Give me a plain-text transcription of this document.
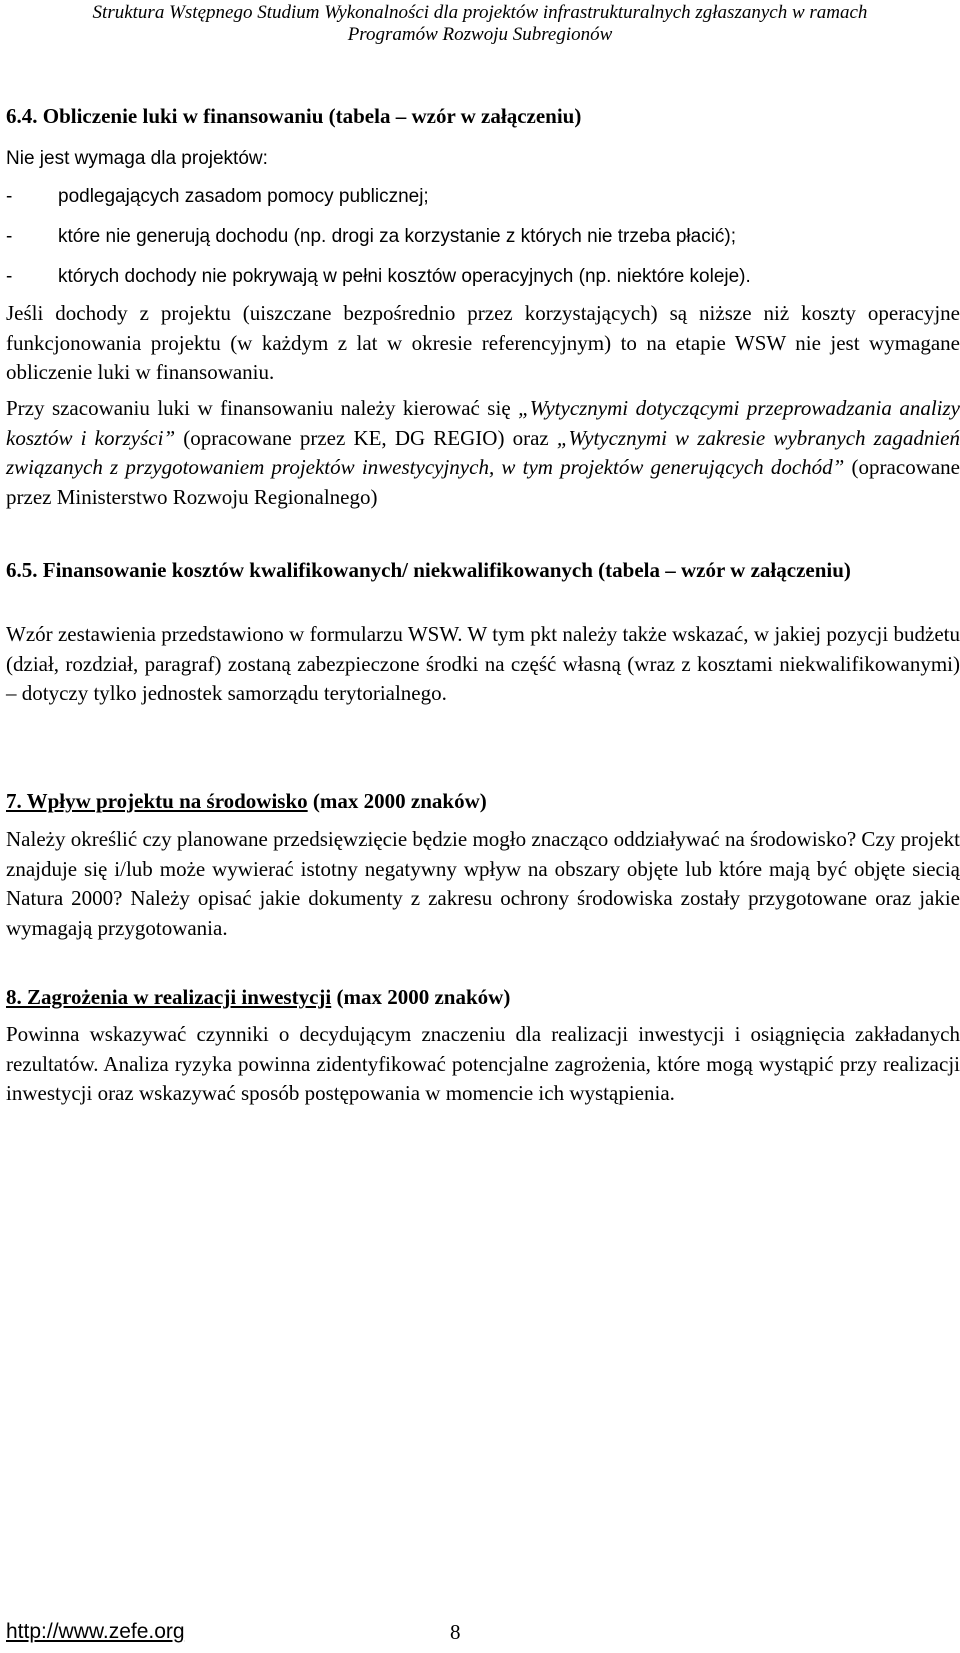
Struktura Wstępnego Studium Wykonalności dla projektów infrastrukturalnych zgłaszanych w ramach
Programów Rozwoju Subregionów
6.4. Obliczenie luki w finansowaniu (tabela – wzór w załączeniu)
Nie jest wymaga dla projektów:
- podlegających zasadom pomocy publicznej;
- które nie generują dochodu (np. drogi za korzystanie z których nie trzeba płacić);
- których dochody nie pokrywają w pełni kosztów operacyjnych (np. niektóre koleje).
Jeśli dochody z projektu (uiszczane bezpośrednio przez korzystających) są niższe niż koszty operacyjne funkcjonowania projektu (w każdym z lat w okresie referencyjnym) to na etapie WSW nie jest wymagane obliczenie luki w finansowaniu.
Przy szacowaniu luki w finansowaniu należy kierować się „Wytycznymi dotyczącymi przeprowadzania analizy kosztów i korzyści” (opracowane przez KE, DG REGIO) oraz „Wytycznymi w zakresie wybranych zagadnień związanych z przygotowaniem projektów inwestycyjnych, w tym projektów generujących dochód” (opracowane przez Ministerstwo Rozwoju Regionalnego)
6.5. Finansowanie kosztów kwalifikowanych/ niekwalifikowanych (tabela – wzór w załączeniu)
Wzór zestawienia przedstawiono w formularzu WSW. W tym pkt należy także wskazać, w jakiej pozycji budżetu (dział, rozdział, paragraf) zostaną zabezpieczone środki na część własną (wraz z kosztami niekwalifikowanymi) – dotyczy tylko jednostek samorządu terytorialnego.
7. Wpływ projektu na środowisko (max 2000 znaków)
Należy określić czy planowane przedsięwzięcie będzie mogło znacząco oddziaływać na środowisko? Czy projekt znajduje się i/lub może wywierać istotny negatywny wpływ na obszary objęte lub które mają być objęte siecią Natura 2000? Należy opisać jakie dokumenty z zakresu ochrony środowiska zostały przygotowane oraz jakie wymagają przygotowania.
8. Zagrożenia w realizacji inwestycji (max 2000 znaków)
Powinna wskazywać czynniki o decydującym znaczeniu dla realizacji inwestycji i osiągnięcia zakładanych rezultatów. Analiza ryzyka powinna zidentyfikować potencjalne zagrożenia, które mogą wystąpić przy realizacji inwestycji oraz wskazywać sposób postępowania w momencie ich wystąpienia.
http://www.zefe.org	8
